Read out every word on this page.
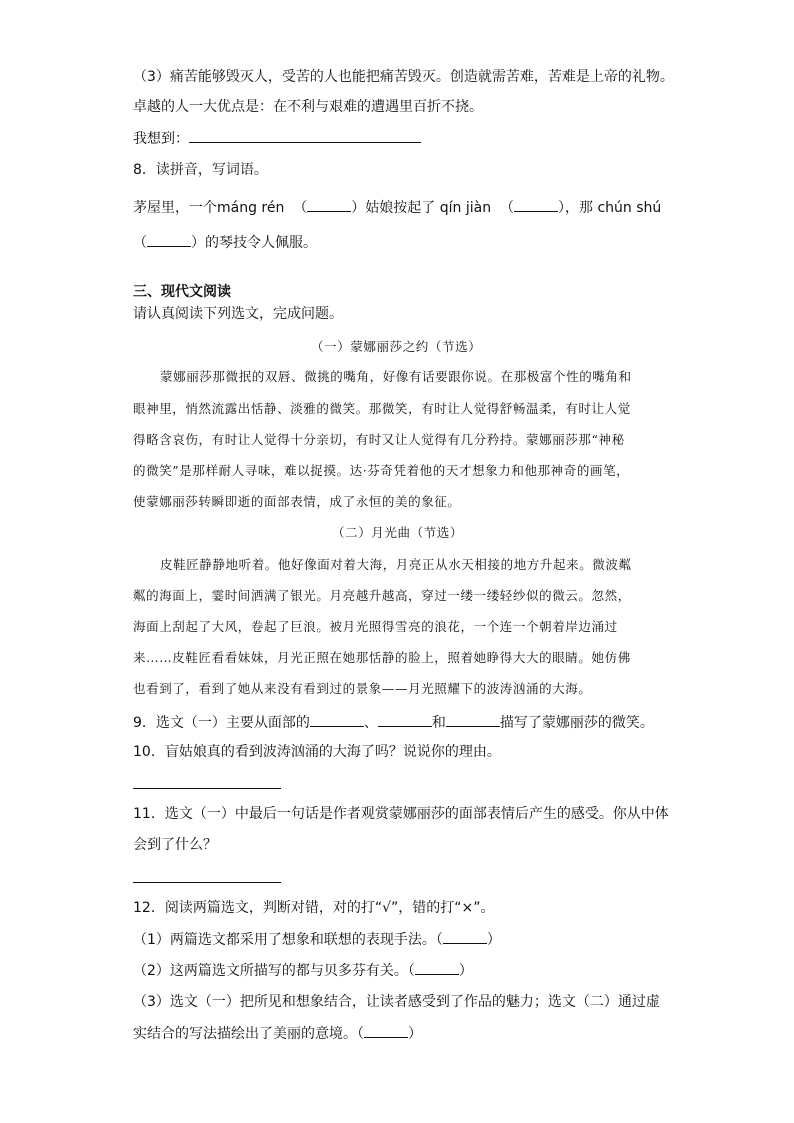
（3）痛苦能够毁灭人，受苦的人也能把痛苦毁灭。创造就需苦难，苦难是上帝的礼物。
卓越的人一大优点是：在不利与艰难的遭遇里百折不挠。
我想到：
8．读拼音，写词语。
茅屋里，一个máng rén （	）姑娘按起了 qín jiàn （	），那 chún shú
（	）的琴技令人佩服。
三、现代文阅读
请认真阅读下列选文，完成问题。
（一）蒙娜丽莎之约（节选）
蒙娜丽莎那微抿的双唇、微挑的嘴角，好像有话要跟你说。在那极富个性的嘴角和
眼神里，悄然流露出恬静、淡雅的微笑。那微笑，有时让人觉得舒畅温柔，有时让人觉
得略含哀伤，有时让人觉得十分亲切，有时又让人觉得有几分矜持。蒙娜丽莎那“神秘
的微笑”是那样耐人寻味，难以捉摸。达·芬奇凭着他的天才想象力和他那神奇的画笔，
使蒙娜丽莎转瞬即逝的面部表情，成了永恒的美的象征。
（二）月光曲（节选）
皮鞋匠静静地听着。他好像面对着大海，月亮正从水天相接的地方升起来。微波粼
粼的海面上，霎时间洒满了银光。月亮越升越高，穿过一缕一缕轻纱似的微云。忽然，
海面上刮起了大风，卷起了巨浪。被月光照得雪亮的浪花，一个连一个朝着岸边涌过
来……皮鞋匠看看妹妹，月光正照在她那恬静的脸上，照着她睁得大大的眼睛。她仿佛
也看到了，看到了她从来没有看到过的景象——月光照耀下的波涛汹涌的大海。
9．选文（一）主要从面部的	、	和	描写了蒙娜丽莎的微笑。
10．盲姑娘真的看到波涛汹涌的大海了吗？说说你的理由。
11．选文（一）中最后一句话是作者观赏蒙娜丽莎的面部表情后产生的感受。你从中体
会到了什么？
12．阅读两篇选文，判断对错，对的打“√”，错的打“×”。
（1）两篇选文都采用了想象和联想的表现手法。（	）
（2）这两篇选文所描写的都与贝多芬有关。（	）
（3）选文（一）把所见和想象结合，让读者感受到了作品的魅力；选文（二）通过虚
实结合的写法描绘出了美丽的意境。（	）
